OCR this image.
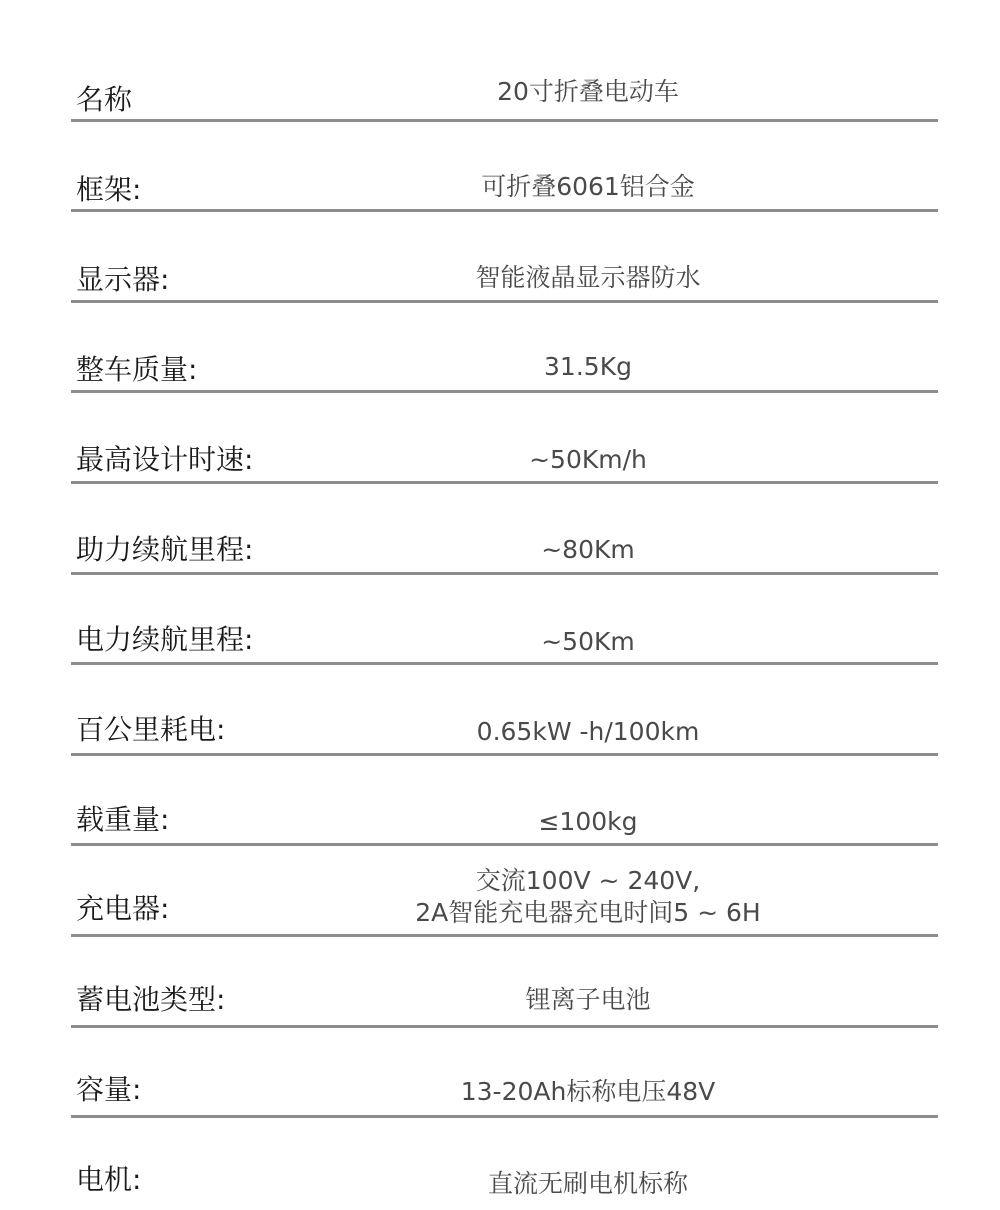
名称	20寸折叠电动车
框架:	可折叠6061铝合金
显示器:	智能液晶显示器防水
整车质量:	31.5Kg
最高设计时速:	~50Km/h
助力续航里程:	~80Km
电力续航里程:	~50Km
百公里耗电:	0.65kW -h/100km
载重量:	≤100kg
充电器:
交流100V ~ 240V,
2A智能充电器充电时间5 ~ 6H
蓄电池类型:	锂离子电池
容量:	13-20Ah标称电压48V
电机:	直流无刷电机标称
